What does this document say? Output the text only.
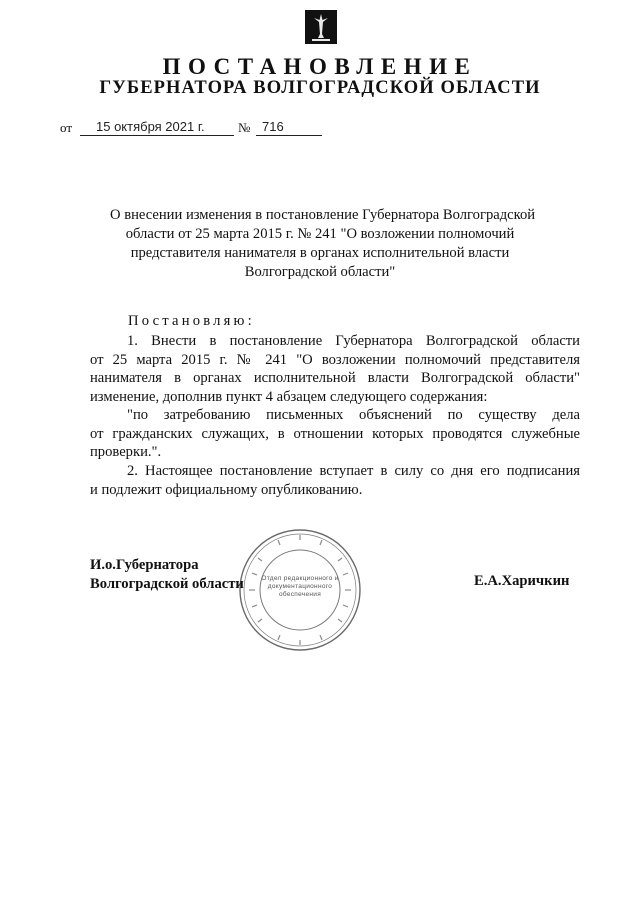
ПОСТАНОВЛЕНИЕ
ГУБЕРНАТОРА ВОЛГОГРАДСКОЙ ОБЛАСТИ
от 15 октября 2021 г.	№ 716
О внесении изменения в постановление Губернатора Волгоградской
области от 25 марта 2015 г. № 241 "О возложении полномочий
представителя нанимателя в органах исполнительной власти
Волгоградской области"
Постановляю:
1. Внести в постановление Губернатора Волгоградской области
от 25 марта 2015 г. № 241 "О возложении полномочий представителя
нанимателя в органах исполнительной власти Волгоградской области"
изменение, дополнив пункт 4 абзацем следующего содержания:
"по затребованию письменных объяснений по существу дела
от гражданских служащих, в отношении которых проводятся служебные
проверки.".
2. Настоящее постановление вступает в силу со дня его подписания
и подлежит официальному опубликованию.
Отдел редакционного и документационного обеспечения
И.о.Губернатора
Волгоградской области	Е.А.Харичкин
